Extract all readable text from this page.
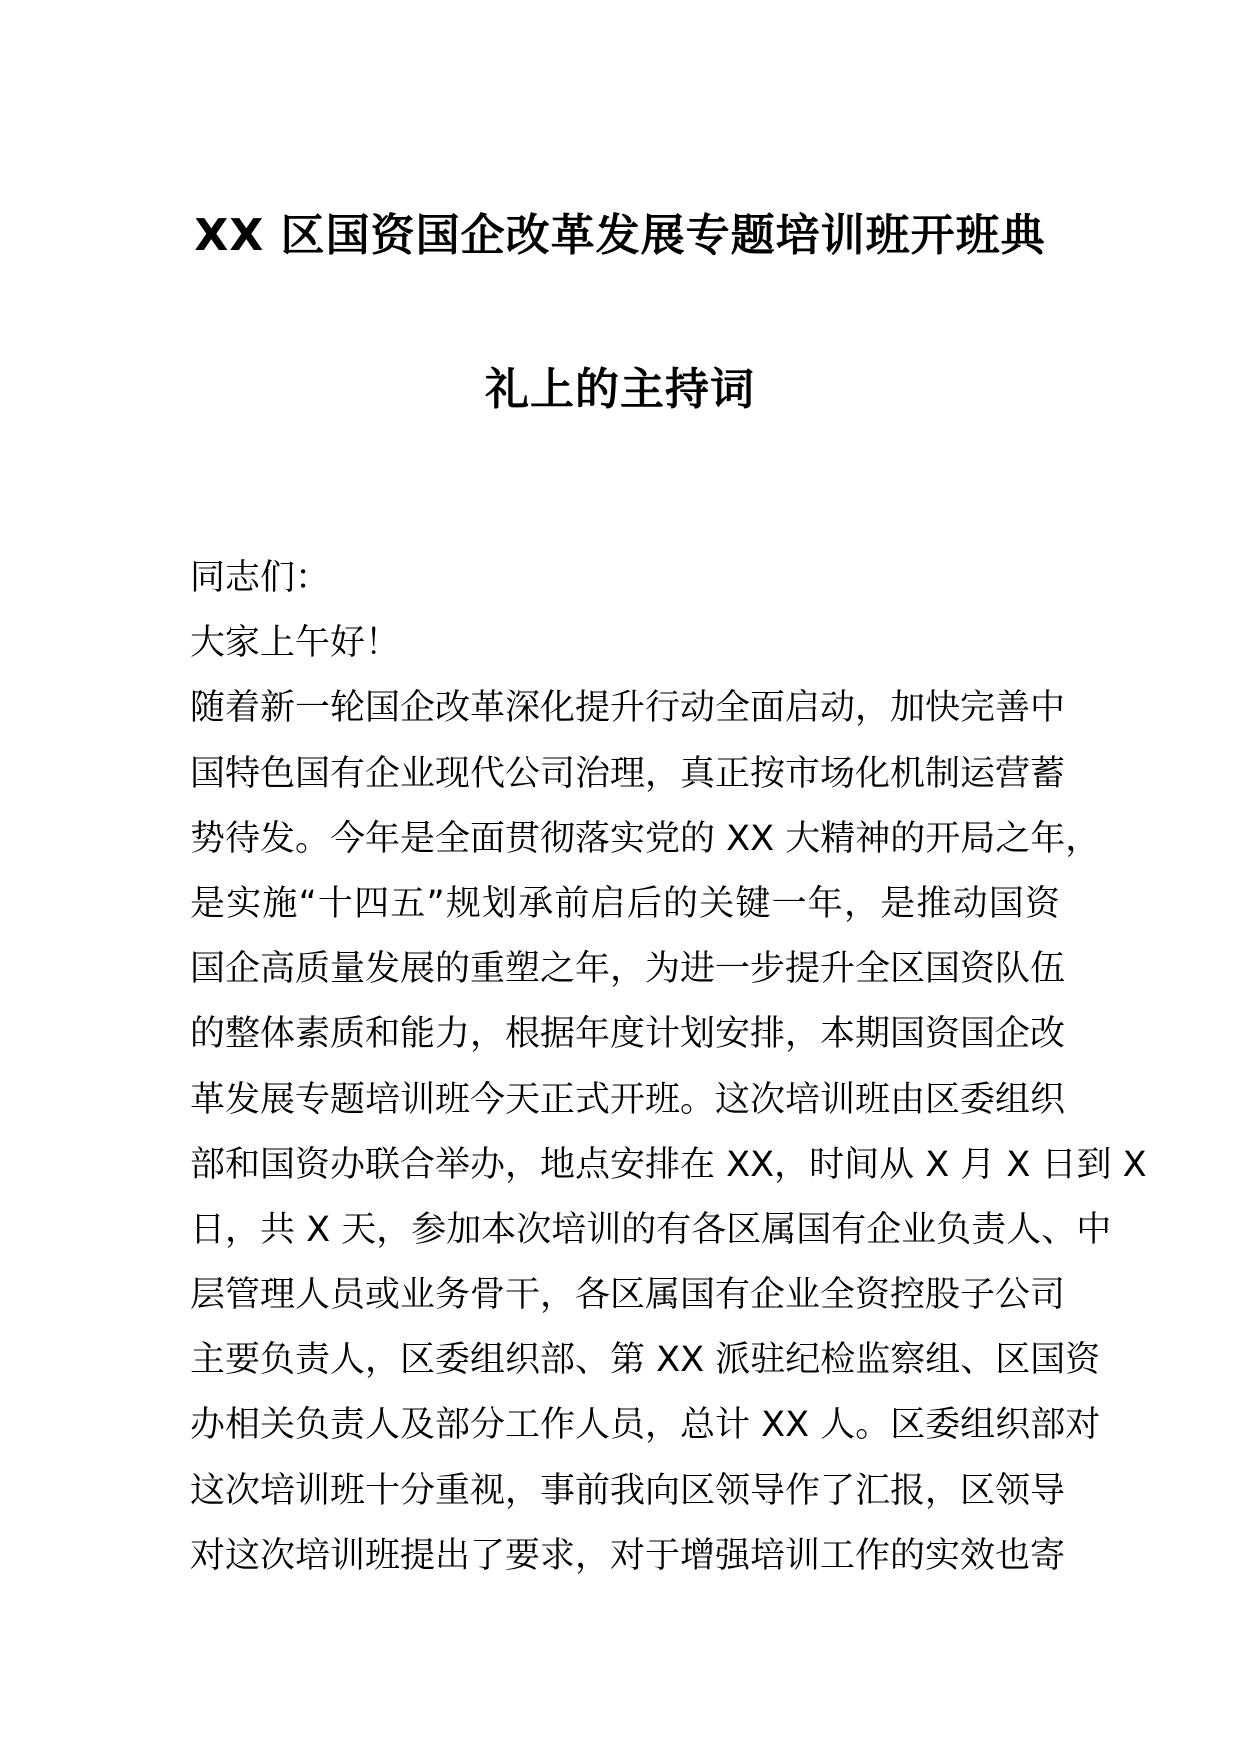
XX 区国资国企改革发展专题培训班开班典
礼上的主持词
同志们：
大家上午好！
随着新一轮国企改革深化提升行动全面启动，加快完善中
国特色国有企业现代公司治理，真正按市场化机制运营蓄
势待发。今年是全面贯彻落实党的 XX 大精神的开局之年，
是实施“十四五”规划承前启后的关键一年，是推动国资
国企高质量发展的重塑之年，为进一步提升全区国资队伍
的整体素质和能力，根据年度计划安排，本期国资国企改
革发展专题培训班今天正式开班。这次培训班由区委组织
部和国资办联合举办，地点安排在 XX，时间从 X 月 X 日到 X
日，共 X 天，参加本次培训的有各区属国有企业负责人、中
层管理人员或业务骨干，各区属国有企业全资控股子公司
主要负责人，区委组织部、第 XX 派驻纪检监察组、区国资
办相关负责人及部分工作人员，总计 XX 人。区委组织部对
这次培训班十分重视，事前我向区领导作了汇报，区领导
对这次培训班提出了要求，对于增强培训工作的实效也寄
